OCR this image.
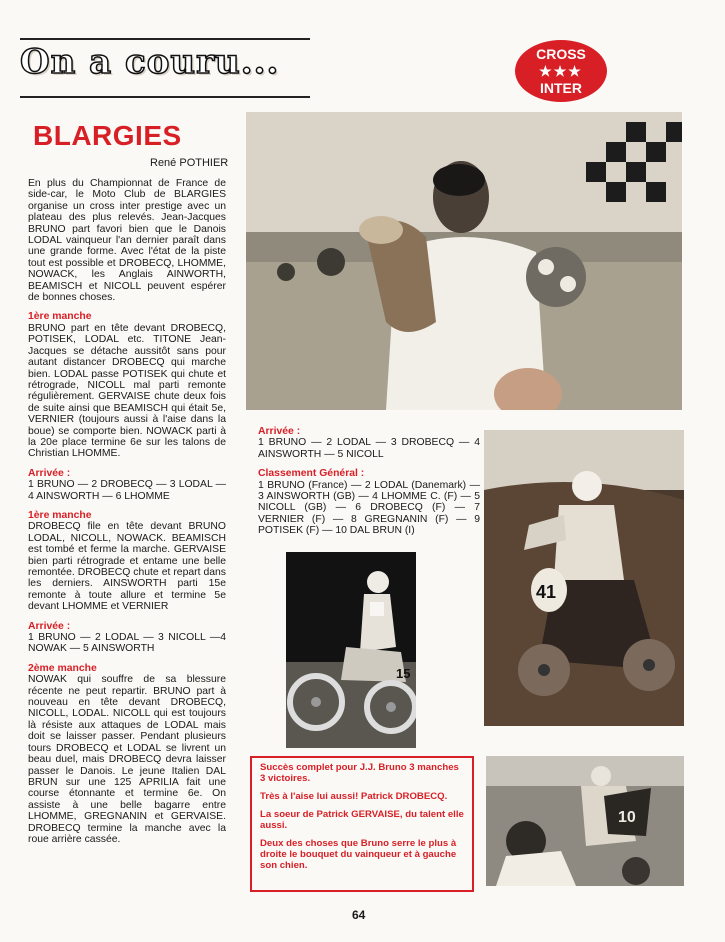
On a couru...	CROSS
★★★
INTER
BLARGIES
René POTHIER

En plus du Championnat de France de side-car, le Moto Club de BLARGIES organise un cross inter prestige avec un plateau des plus relevés. Jean-Jacques BRUNO part favori bien que le Danois LODAL vainqueur l'an dernier paraît dans une grande forme. Avec l'état de la piste tout est possible et DROBECQ, LHOMME, NOWACK, les Anglais AINWORTH, BEAMISCH et NICOLL peuvent espérer de bonnes choses.

1ère manche

BRUNO part en tête devant DROBECQ, POTISEK, LODAL etc. TITONE Jean-Jacques se détache aussitôt sans pour autant distancer DROBECQ qui marche bien. LODAL passe POTISEK qui chute et rétrograde, NICOLL mal parti remonte régulièrement. GERVAISE chute deux fois de suite ainsi que BEAMISCH qui était 5e, VERNIER (toujours aussi à l'aise dans la boue) se comporte bien. NOWACK parti à la 20e place termine 6e sur les talons de Christian LHOMME.

Arrivée :

1 BRUNO — 2 DROBECQ — 3 LODAL — 4 AINSWORTH — 6 LHOMME

1ère manche

DROBECQ file en tête devant BRUNO LODAL, NICOLL, NOWACK. BEAMISCH est tombé et ferme la marche. GERVAISE bien parti rétrograde et entame une belle remontée. DROBECQ chute et repart dans les derniers. AINSWORTH parti 15e remonte à toute allure et termine 5e devant LHOMME et VERNIER

Arrivée :

1 BRUNO — 2 LODAL — 3 NICOLL —4 NOWAK — 5 AINSWORTH

2ème manche

NOWAK qui souffre de sa blessure récente ne peut repartir. BRUNO part à nouveau en tête devant DROBECQ, NICOLL, LODAL. NICOLL qui est toujours là résiste aux attaques de LODAL mais doit se laisser passer. Pendant plusieurs tours DROBECQ et LODAL se livrent un beau duel, mais DROBECQ devra laisser passer le Danois. Le jeune Italien DAL BRUN sur une 125 APRILIA fait une course étonnante et termine 6e. On assiste à une belle bagarre entre LHOMME, GREGNANIN et GERVAISE. DROBECQ termine la manche avec la roue arrière cassée.

Arrivée :

1 BRUNO — 2 LODAL — 3 DROBECQ — 4 AINSWORTH — 5 NICOLL

Classement Général :

1 BRUNO (France) — 2 LODAL (Danemark) — 3 AINSWORTH (GB) — 4 LHOMME C. (F) — 5 NICOLL (GB) — 6 DROBECQ (F) — 7 VERNIER (F) — 8 GREGNANIN (F) — 9 POTISEK (F) — 10 DAL BRUN (I)

15
41

Succès complet pour J.J. Bruno 3 manches 3 victoires.

Très à l'aise lui aussi! Patrick DROBECQ.

La soeur de Patrick GERVAISE, du talent elle aussi.

Deux des choses que Bruno serre le plus à droite le bouquet du vainqueur et à gauche son chien.

10
64
